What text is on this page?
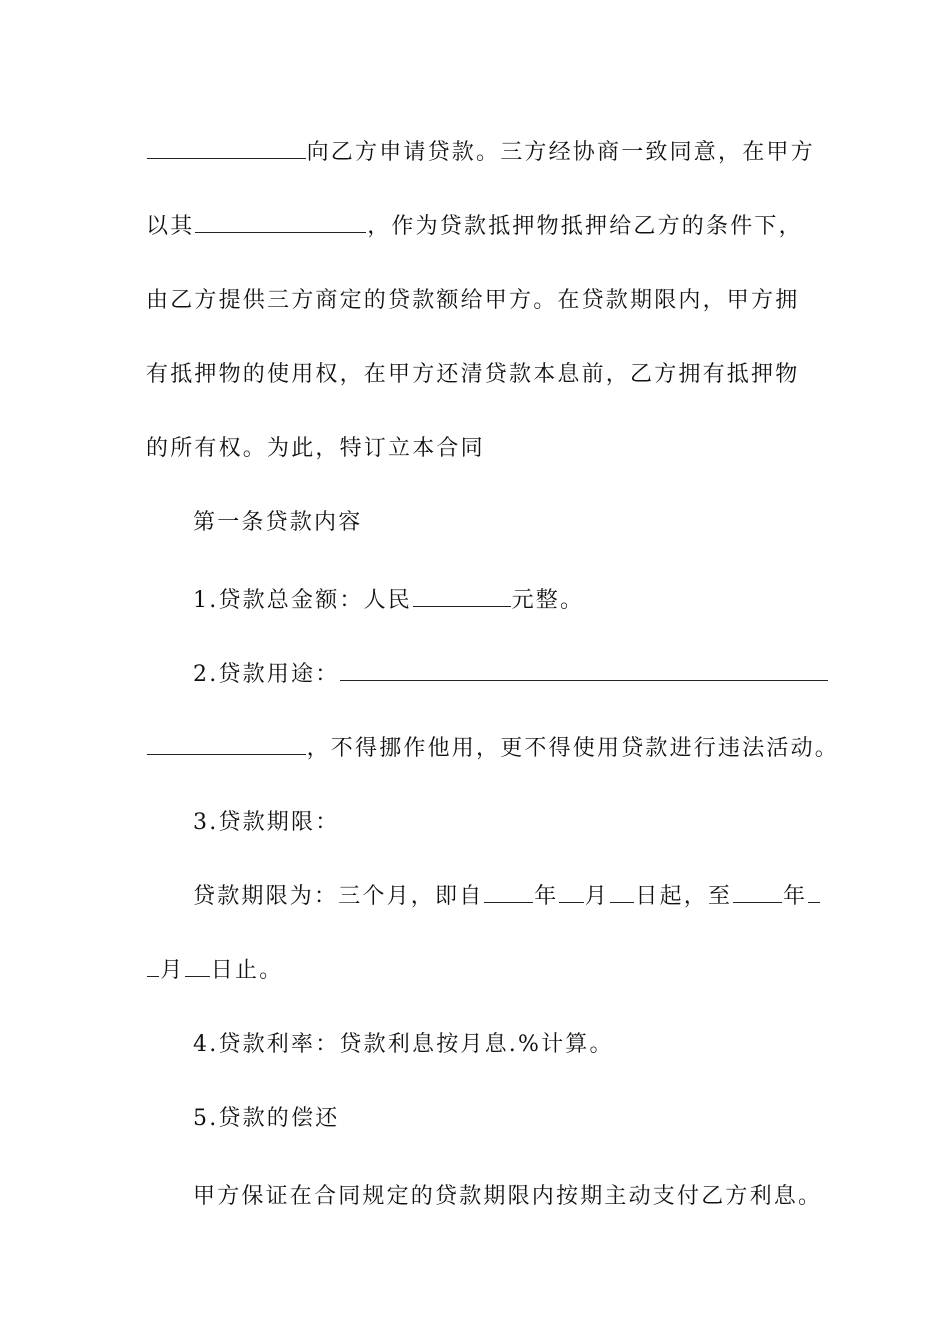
向乙方申请贷款。三方经协商一致同意，在甲方
以其	，作为贷款抵押物抵押给乙方的条件下，
由乙方提供三方商定的贷款额给甲方。在贷款期限内，甲方拥
有抵押物的使用权，在甲方还清贷款本息前，乙方拥有抵押物
的所有权。为此，特订立本合同
第一条贷款内容
1.贷款总金额：人民	元整。
2.贷款用途：
，不得挪作他用，更不得使用贷款进行违法活动。
3.贷款期限：
贷款期限为：三个月，即自 年 月 日起，至 年
月 日止。
4.贷款利率：贷款利息按月息.%计算。
5.贷款的偿还
甲方保证在合同规定的贷款期限内按期主动支付乙方利息。
